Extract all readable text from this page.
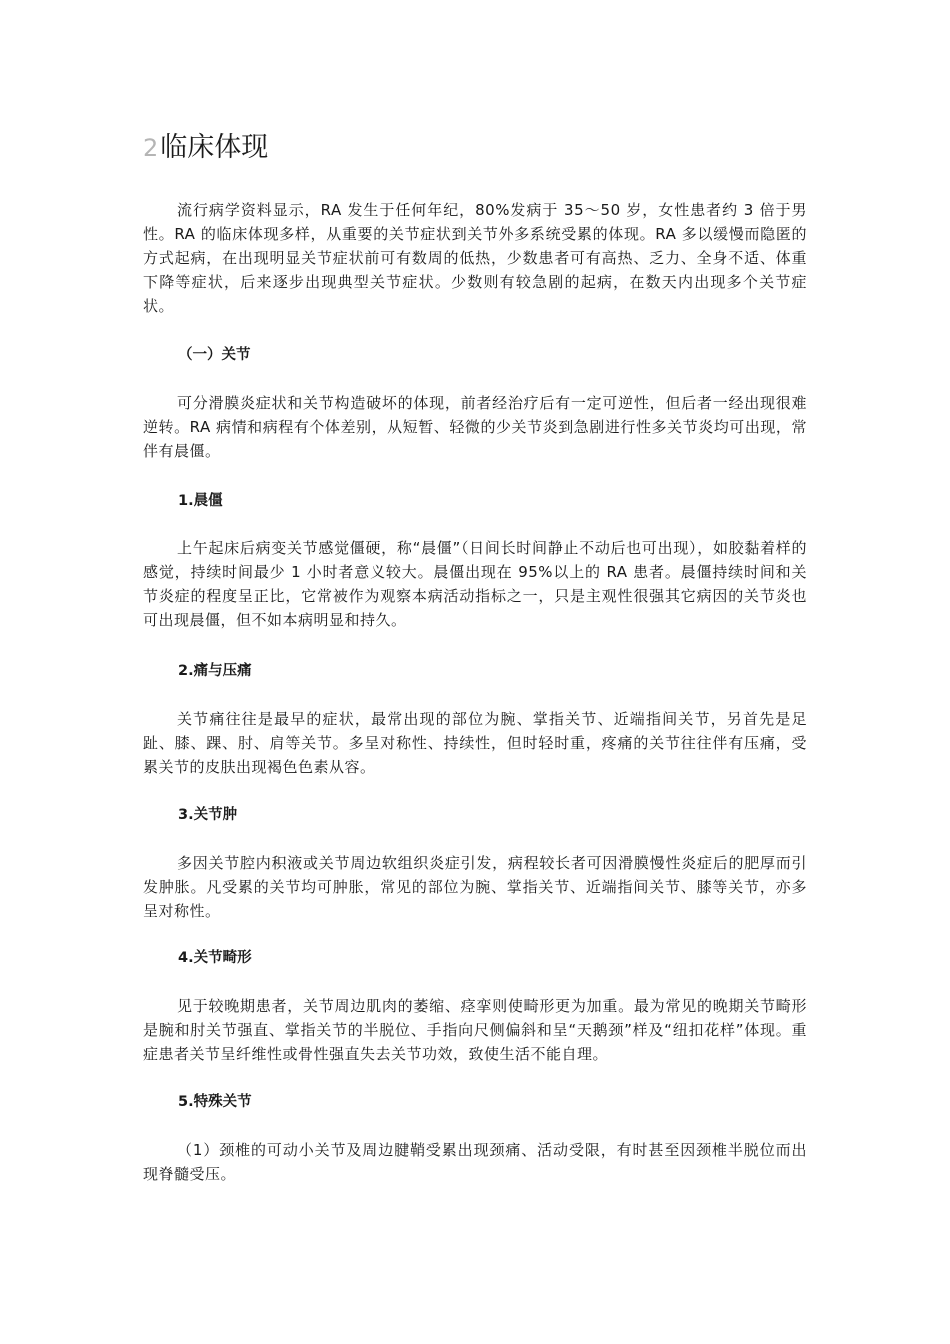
2临床体现

流行病学资料显示，RA 发生于任何年纪，80%发病于 35～50 岁，女性患者约 3 倍于男性。RA 的临床体现多样，从重要的关节症状到关节外多系统受累的体现。RA 多以缓慢而隐匿的方式起病，在出现明显关节症状前可有数周的低热，少数患者可有高热、乏力、全身不适、体重下降等症状，后来逐步出现典型关节症状。少数则有较急剧的起病，在数天内出现多个关节症状。

（一）关节

可分滑膜炎症状和关节构造破坏的体现，前者经治疗后有一定可逆性，但后者一经出现很难逆转。RA 病情和病程有个体差别，从短暂、轻微的少关节炎到急剧进行性多关节炎均可出现，常伴有晨僵。

1.晨僵

上午起床后病变关节感觉僵硬，称“晨僵”（日间长时间静止不动后也可出现），如胶黏着样的感觉，持续时间最少 1 小时者意义较大。晨僵出现在 95%以上的 RA 患者。晨僵持续时间和关节炎症的程度呈正比，它常被作为观察本病活动指标之一，只是主观性很强其它病因的关节炎也可出现晨僵，但不如本病明显和持久。

2.痛与压痛

关节痛往往是最早的症状，最常出现的部位为腕、掌指关节、近端指间关节，另首先是足趾、膝、踝、肘、肩等关节。多呈对称性、持续性，但时轻时重，疼痛的关节往往伴有压痛，受累关节的皮肤出现褐色色素从容。

3.关节肿

多因关节腔内积液或关节周边软组织炎症引发，病程较长者可因滑膜慢性炎症后的肥厚而引发肿胀。凡受累的关节均可肿胀，常见的部位为腕、掌指关节、近端指间关节、膝等关节，亦多呈对称性。

4.关节畸形

见于较晚期患者，关节周边肌肉的萎缩、痉挛则使畸形更为加重。最为常见的晚期关节畸形是腕和肘关节强直、掌指关节的半脱位、手指向尺侧偏斜和呈“天鹅颈”样及“纽扣花样”体现。重症患者关节呈纤维性或骨性强直失去关节功效，致使生活不能自理。

5.特殊关节

（1）颈椎的可动小关节及周边腱鞘受累出现颈痛、活动受限，有时甚至因颈椎半脱位而出现脊髓受压。
